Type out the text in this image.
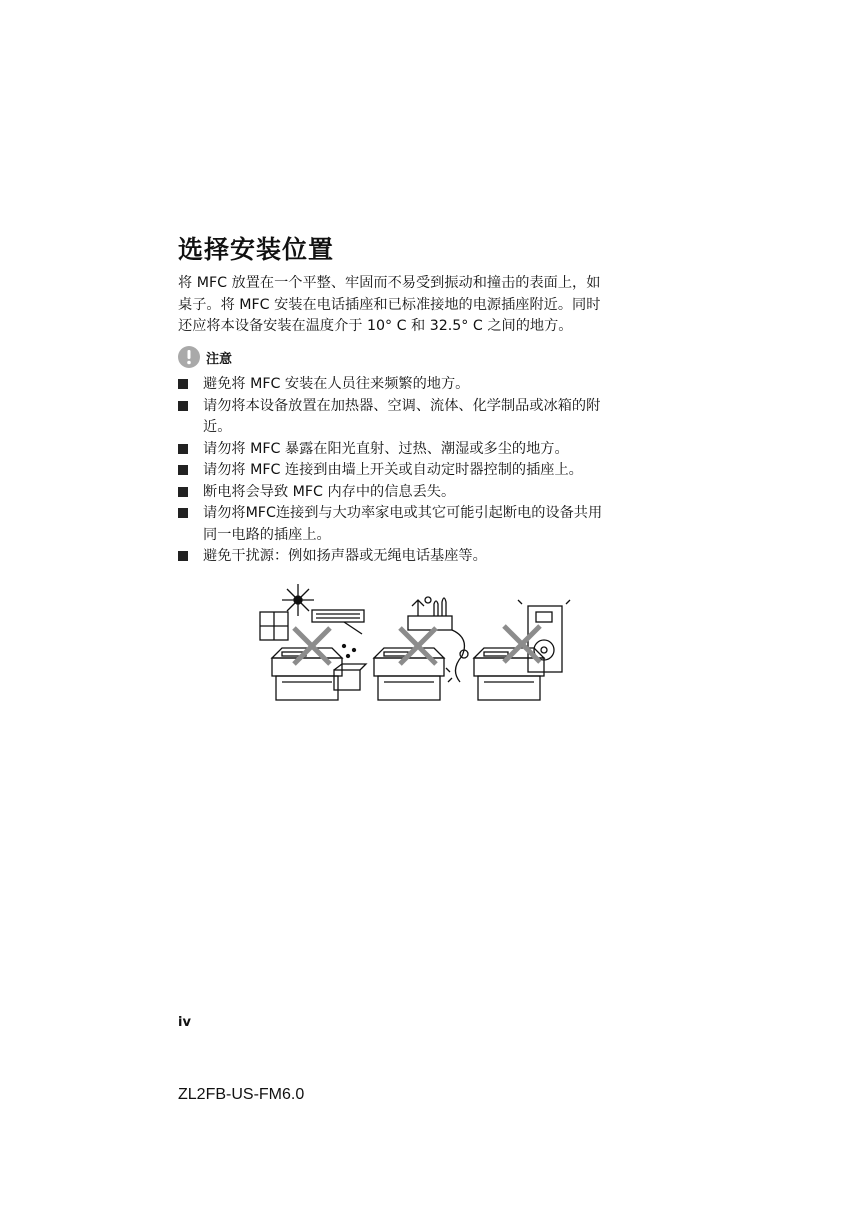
选择安装位置
将 MFC 放置在一个平整、牢固而不易受到振动和撞击的表面上，如
桌子。将 MFC 安装在电话插座和已标准接地的电源插座附近。同时
还应将本设备安装在温度介于 10° C 和 32.5° C 之间的地方。
注意
避免将 MFC 安装在人员往来频繁的地方。
请勿将本设备放置在加热器、空调、流体、化学制品或冰箱的附
近。
请勿将 MFC 暴露在阳光直射、过热、潮湿或多尘的地方。
请勿将 MFC 连接到由墙上开关或自动定时器控制的插座上。
断电将会导致 MFC 内存中的信息丢失。
请勿将MFC连接到与大功率家电或其它可能引起断电的设备共用
同一电路的插座上。
避免干扰源：例如扬声器或无绳电话基座等。
iv
ZL2FB-US-FM6.0
